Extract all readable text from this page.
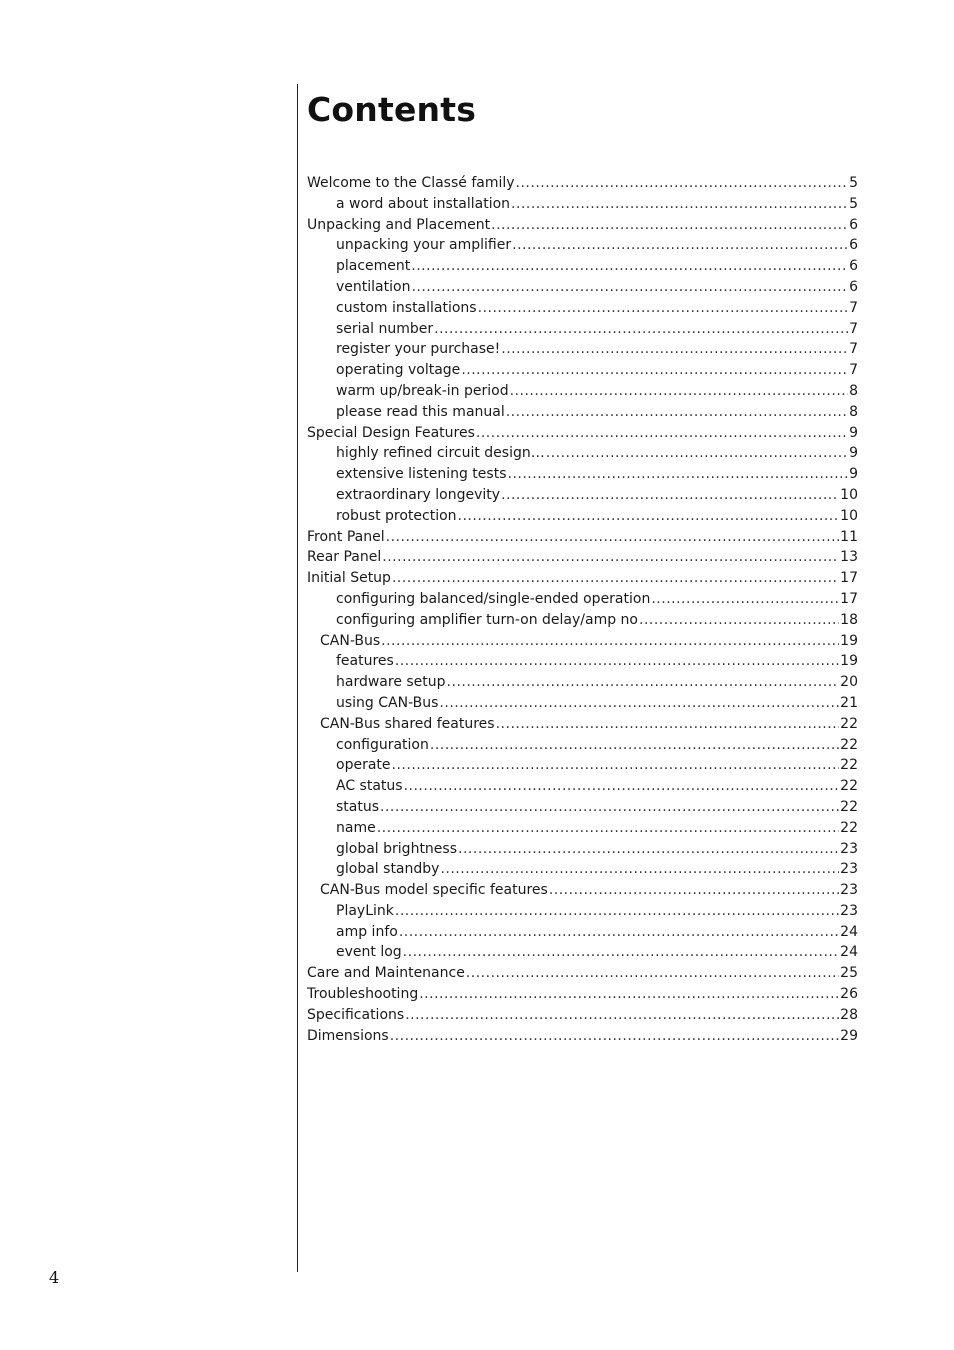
Contents
Welcome to the Classé family .....	5
a word about installation .....	5
Unpacking and Placement .....	6
unpacking your amplifier .....	6
placement .....	6
ventilation .....	6
custom installations .....	7
serial number .....	7
register your purchase! .....	7
operating voltage .....	7
warm up/break-in period .....	8
please read this manual .....	8
Special Design Features .....	9
highly refined circuit design… .....	9
extensive listening tests .....	9
extraordinary longevity .....	10
robust protection .....	10
Front Panel .....	11
Rear Panel .....	13
Initial Setup .....	17
configuring balanced/single-ended operation .....	17
configuring amplifier turn-on delay/amp no .....	18
CAN-Bus .....	19
features .....	19
hardware setup .....	20
using CAN-Bus .....	21
CAN-Bus shared features .....	22
configuration .....	22
operate .....	22
AC status .....	22
status .....	22
name .....	22
global brightness .....	23
global standby .....	23
CAN-Bus model specific features .....	23
PlayLink .....	23
amp info .....	24
event log .....	24
Care and Maintenance .....	25
Troubleshooting .....	26
Specifications .....	28
Dimensions .....	29
4
